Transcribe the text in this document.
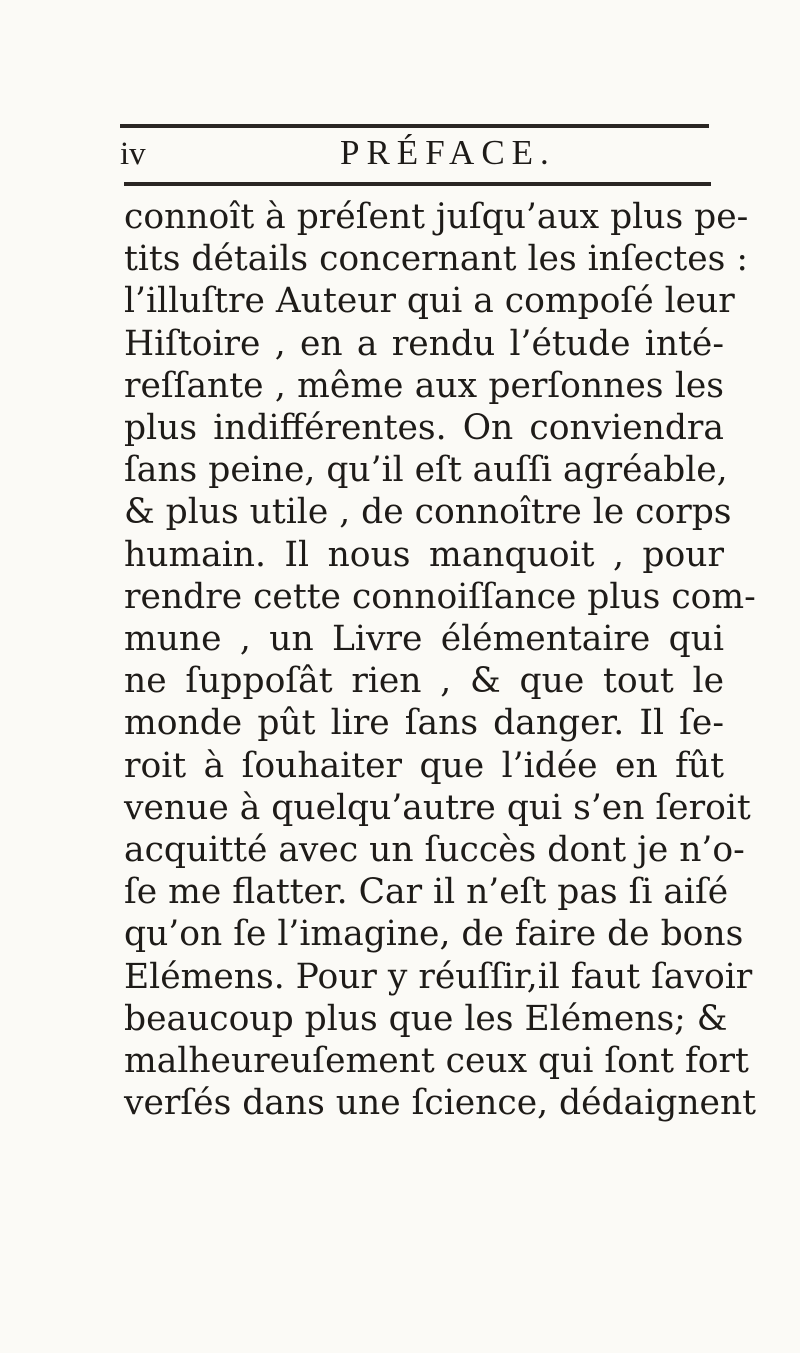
iv	PRÉFACE.
connoît à préſent juſqu’aux plus pe-
tits détails concernant les inſectes :
l’illuſtre Auteur qui a compoſé leur
Hiſtoire , en a rendu l’étude inté-
reſſante , même aux perſonnes les
plus indifférentes. On conviendra
ſans peine, qu’il eſt auſſi agréable,
& plus utile , de connoître le corps
humain. Il nous manquoit , pour
rendre cette connoiſſance plus com-
mune , un Livre élémentaire qui
ne ſuppoſât rien , & que tout le
monde pût lire ſans danger. Il ſe-
roit à ſouhaiter que l’idée en fût
venue à quelqu’autre qui s’en ſeroit
acquitté avec un ſuccès dont je n’o-
ſe me flatter. Car il n’eſt pas ſi aiſé
qu’on ſe l’imagine, de faire de bons
Elémens. Pour y réuſſir,il faut ſavoir
beaucoup plus que les Elémens; &
malheureuſement ceux qui ſont fort
verſés dans une ſcience, dédaignent
